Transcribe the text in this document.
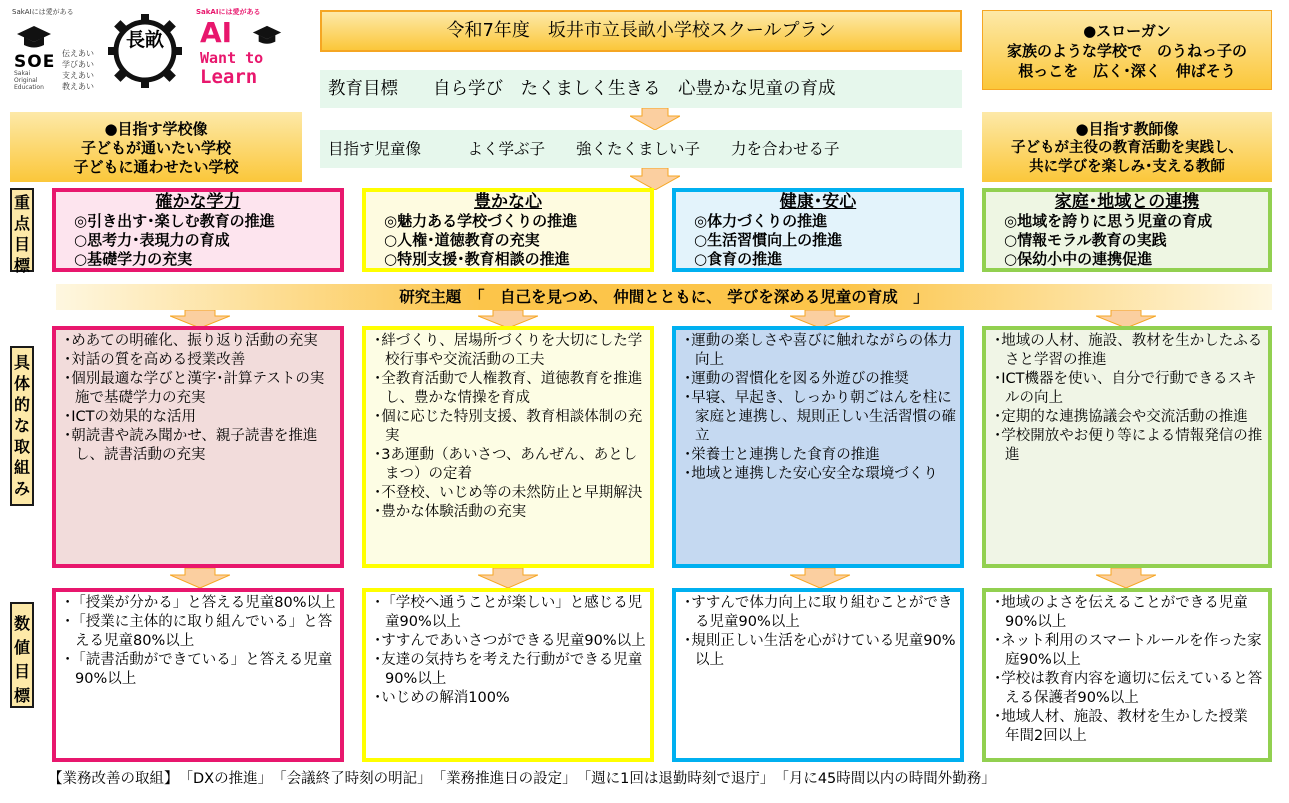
SakAIには愛がある
SOE
Sakai
Original
Education
伝えあい
学びあい
支えあい
教えあい
長畝
SakAIには愛がある
AI
Want to
Learn
令和7年度　坂井市立長畝小学校スクールプラン	●スローガン
家族のような学校で　のうねっ子の
根っこを　広く･深く　伸ばそう
教育目標　　自ら学び　たくましく生きる　心豊かな児童の育成
●目指す学校像
子どもが通いたい学校
子どもに通わせたい学校
目指す児童像　　　よく学ぶ子　　強くたくましい子　　力を合わせる子
●目指す教師像
子どもが主役の教育活動を実践し、
共に学びを楽しみ･支える教師
重
点
目
標
具
体
的
な
取
組
み
数
値
目
標
研究主題　「　自己を見つめ、 仲間とともに、 学びを深める児童の育成　」
確かな学力
◎引き出す･楽しむ教育の推進
○思考力･表現力の育成
○基礎学力の充実
豊かな心
◎魅力ある学校づくりの推進
○人権･道徳教育の充実
○特別支援･教育相談の推進
健康･安心
◎体力づくりの推進
○生活習慣向上の推進
○食育の推進
家庭･地域との連携
◎地域を誇りに思う児童の育成
○情報モラル教育の実践
○保幼小中の連携促進
･めあての明確化、振り返り活動の充実
･対話の質を高める授業改善
･個別最適な学びと漢字･計算テストの実施で基礎学力の充実
･ICTの効果的な活用
･朝読書や読み聞かせ、親子読書を推進し、読書活動の充実
･絆づくり、居場所づくりを大切にした学校行事や交流活動の工夫
･全教育活動で人権教育、道徳教育を推進し、豊かな情操を育成
･個に応じた特別支援、教育相談体制の充実
･3あ運動（あいさつ、あんぜん、あとしまつ）の定着
･不登校、いじめ等の未然防止と早期解決
･豊かな体験活動の充実
･運動の楽しさや喜びに触れながらの体力向上
･運動の習慣化を図る外遊びの推奨
･早寝、早起き、しっかり朝ごはんを柱に家庭と連携し、規則正しい生活習慣の確立
･栄養士と連携した食育の推進
･地域と連携した安心安全な環境づくり
･地域の人材、施設、教材を生かしたふるさと学習の推進
･ICT機器を使い、自分で行動できるスキルの向上
･定期的な連携協議会や交流活動の推進
･学校開放やお便り等による情報発信の推進
･「授業が分かる」と答える児童80%以上
･「授業に主体的に取り組んでいる」と答える児童80%以上
･「読書活動ができている」と答える児童90%以上
･「学校へ通うことが楽しい」と感じる児童90%以上
･すすんであいさつができる児童90%以上
･友達の気持ちを考えた行動ができる児童90%以上
･いじめの解消100%
･すすんで体力向上に取り組むことができる児童90%以上
･規則正しい生活を心がけている児童90%以上
･地域のよさを伝えることができる児童90%以上
･ネット利用のスマートルールを作った家庭90%以上
･学校は教育内容を適切に伝えていると答える保護者90%以上
･地域人材、施設、教材を生かした授業　年間2回以上
【業務改善の取組】　「DXの推進」　「会議終了時刻の明記」　「業務推進日の設定」　「週に1回は退勤時刻で退庁」　「月に45時間以内の時間外勤務」
